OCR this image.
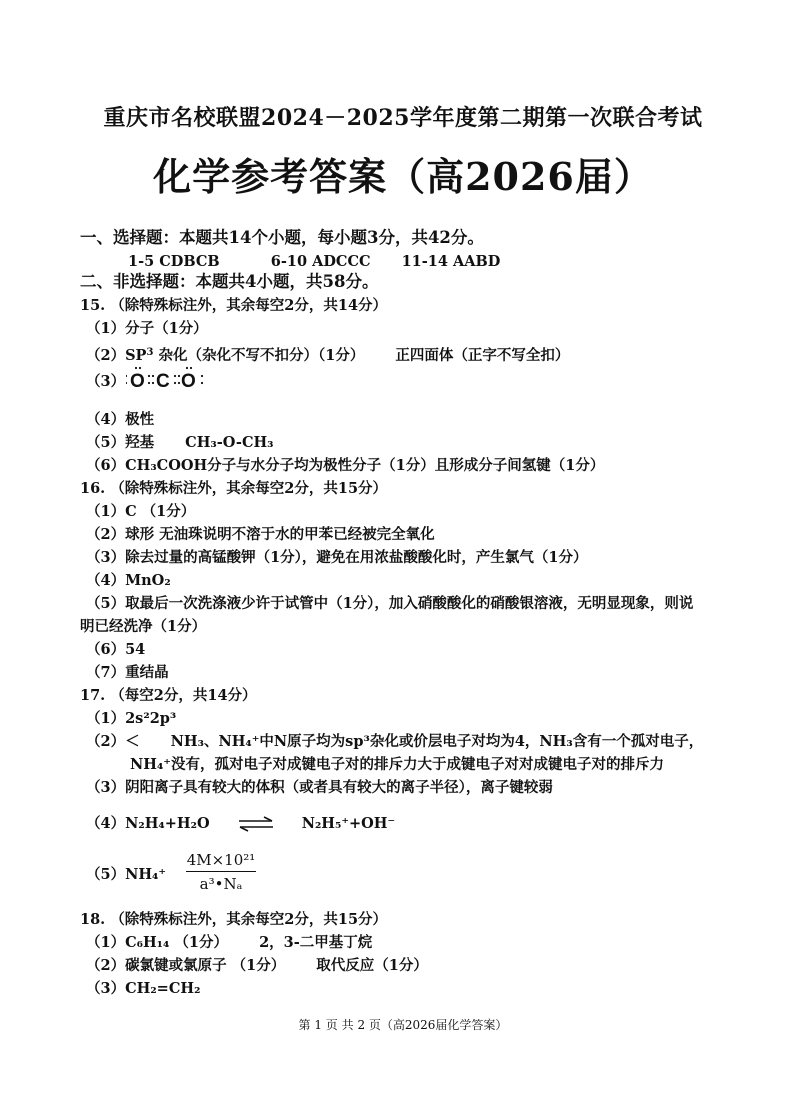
重庆市名校联盟2024－2025学年度第二期第一次联合考试
化学参考答案（高2026届）
一、选择题：本题共14个小题，每小题3分，共42分。
1-5 CDBCB	6-10 ADCCC 11-14 AABD
二、非选择题：本题共4小题，共58分。
15. （除特殊标注外，其余每空2分，共14分）
（1）分子（1分）
$(2)SP^3$ 杂化（杂化不写不扣分）（1分） 正四面体（正字不写全扣）
（3） O C O
（4）极性
（5）羟基 CH₃-O-CH₃
（6）CH₃COOH分子与水分子均为极性分子（1分）且形成分子间氢键（1分）
16. （除特殊标注外，其余每空2分，共15分）
（1）C （1分）
（2）球形 无油珠说明不溶于水的甲苯已经被完全氧化
（3）除去过量的高锰酸钾（1分），避免在用浓盐酸酸化时，产生氯气（1分）
（4）MnO₂
（5）取最后一次洗涤液少许于试管中（1分），加入硝酸酸化的硝酸银溶液，无明显现象，则说
明已经洗净（1分）
（6）54
（7）重结晶
17. （每空2分，共14分）
（1）2s²2p³
（2）＜ NH₃、NH₄⁺中N原子均为sp³杂化或价层电子对均为4，NH₃含有一个孤对电子，
NH₄⁺没有，孤对电子对成键电子对的排斥力大于成键电子对对成键电子对的排斥力
（3）阴阳离子具有较大的体积（或者具有较大的离子半径），离子键较弱
（4）N₂H₄+H₂O	N₂H₅⁺+OH⁻
$(5)NH_4^+ \frac{\text{4M×10²¹}}{\text{a³•Nₐ}}$
18. （除特殊标注外，其余每空2分，共15分）
（1）C₆H₁₄ （1分） 2，3-二甲基丁烷
（2）碳氯键或氯原子 （1分） 取代反应（1分）
（3）CH₂=CH₂
第 1 页 共 2 页（高2026届化学答案）
